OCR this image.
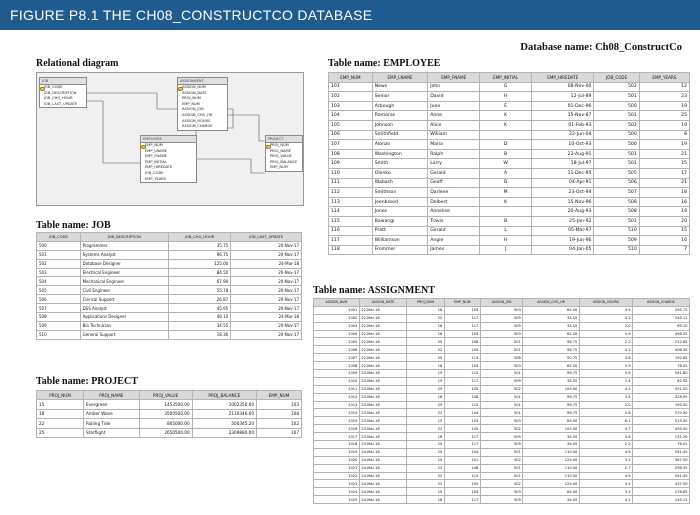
FIGURE P8.1 THE CH08_CONSTRUCTCO DATABASE
Database name: Ch08_ConstructCo
Relational diagram
JOB
JOB_CODE
JOB_DESCRIPTION
JOB_CHG_HOUR
JOB_LAST_UPDATE
ASSIGNMENT
ASSIGN_NUM
ASSIGN_DATE
PROJ_NUM
EMP_NUM
ASSIGN_JOB
ASSIGN_CHG_HR
ASSIGN_HOURS
ASSIGN_CHARGE
EMPLOYEE
EMP_NUM
EMP_LNAME
EMP_FNAME
EMP_INITIAL
EMP_HIREDATE
JOB_CODE
EMP_YEARS
PROJECT
PROJ_NUM
PROJ_NAME
PROJ_VALUE
PROJ_BALANCE
EMP_NUM
Table name: EMPLOYEE
EMP_NUM	EMP_LNAME	EMP_FNAME	EMP_INITIAL	EMP_HIREDATE	JOB_CODE	EMP_YEARS
101	News	John	G	08-Nov-00	502	12
102	Senior	David	H	12-Jul-89	501	23
103	Arbough	June	E	01-Dec-96	500	19
104	Ramoras	Anne	K	15-Nov-87	501	25
105	Johnson	Alice	K	01-Feb-93	502	19
106	Smithfield	William		22-Jun-04	500	8
107	Alonzo	Maria	D	10-Oct-93	500	19
108	Washington	Ralph	B	22-Aug-91	501	21
109	Smith	Larry	W	18-Jul-97	501	15
110	Olenko	Gerald	A	11-Dec-95	505	17
111	Wabash	Geoff	B	04-Apr-91	506	21
112	Smithson	Darlene	M	23-Oct-94	507	18
113	Joenbrood	Delbert	K	15-Nov-96	508	16
114	Jones	Annelise		20-Aug-93	508	19
115	Bawangi	Travis	B	25-Jan-92	501	20
116	Pratt	Gerald	L	05-Mar-97	510	15
117	Williamson	Angie	H	19-Jun-96	509	16
118	Frommer	James	J	04-Jan-05	510	7
Table name: JOB
JOB_CODE	JOB_DESCRIPTION	JOB_CHG_HOUR	JOB_LAST_UPDATE
500	Programmer	35.75	20-Nov-17
501	Systems Analyst	96.75	20-Nov-17
502	Database Designer	125.00	24-Mar-18
503	Electrical Engineer	84.50	20-Nov-17
504	Mechanical Engineer	67.90	20-Nov-17
505	Civil Engineer	55.78	20-Nov-17
506	Clerical Support	26.87	20-Nov-17
507	DSS Analyst	45.95	20-Nov-17
508	Applications Designer	48.10	24-Mar-18
509	Bio Technician	34.55	20-Nov-17
510	General Support	18.36	20-Nov-17
Table name: PROJECT
PROJ_NUM	PROJ_NAME	PROJ_VALUE	PROJ_BALANCE	EMP_NUM
15	Evergreen	1453500.00	1002350.00	103
18	Amber Wave	3500500.00	2110346.00	108
22	Rolling Tide	805000.00	500345.20	102
25	Starflight	2650500.00	2309880.00	107
Table name: ASSIGNMENT
ASSIGN_NUM	ASSIGN_DATE	PROJ_NUM	EMP_NUM	ASSIGN_JOB	ASSIGN_CHG_HR	ASSIGN_HOURS	ASSIGN_CHARGE
1001	22-Mar-18	18	103	503	84.50	3.5	295.75
1002	22-Mar-18	22	117	509	34.55	4.2	145.11
1003	22-Mar-18	18	117	509	34.55	2.0	69.10
1004	22-Mar-18	18	103	503	84.50	5.9	498.55
1005	22-Mar-18	25	108	501	96.75	2.2	212.85
1006	22-Mar-18	22	104	501	96.75	4.2	406.35
1007	22-Mar-18	25	113	508	50.75	3.8	192.85
1008	22-Mar-18	18	103	503	84.50	0.9	76.05
1009	23-Mar-18	15	115	501	96.75	5.6	541.80
1010	23-Mar-18	15	117	509	34.55	2.4	82.92
1011	23-Mar-18	25	105	502	105.00	4.3	451.50
1012	23-Mar-18	18	108	501	96.75	3.4	328.95
1013	23-Mar-18	25	115	501	96.75	2.0	193.50
1014	23-Mar-18	22	104	501	96.75	2.8	270.90
1015	23-Mar-18	15	103	503	84.50	6.1	515.45
1016	23-Mar-18	22	105	502	105.00	4.7	493.50
1017	23-Mar-18	18	117	509	34.55	3.8	131.29
1018	23-Mar-18	25	117	509	34.55	2.2	76.01
1019	24-Mar-18	25	104	501	110.50	4.9	541.45
1020	24-Mar-18	15	101	502	125.00	3.1	387.50
1021	24-Mar-18	22	108	501	110.50	2.7	298.35
1022	24-Mar-18	22	115	501	110.50	4.9	541.45
1023	24-Mar-18	22	105	502	125.00	3.5	437.50
1024	24-Mar-18	15	103	503	84.50	3.3	278.85
1025	24-Mar-18	18	117	509	34.55	4.2	145.11
